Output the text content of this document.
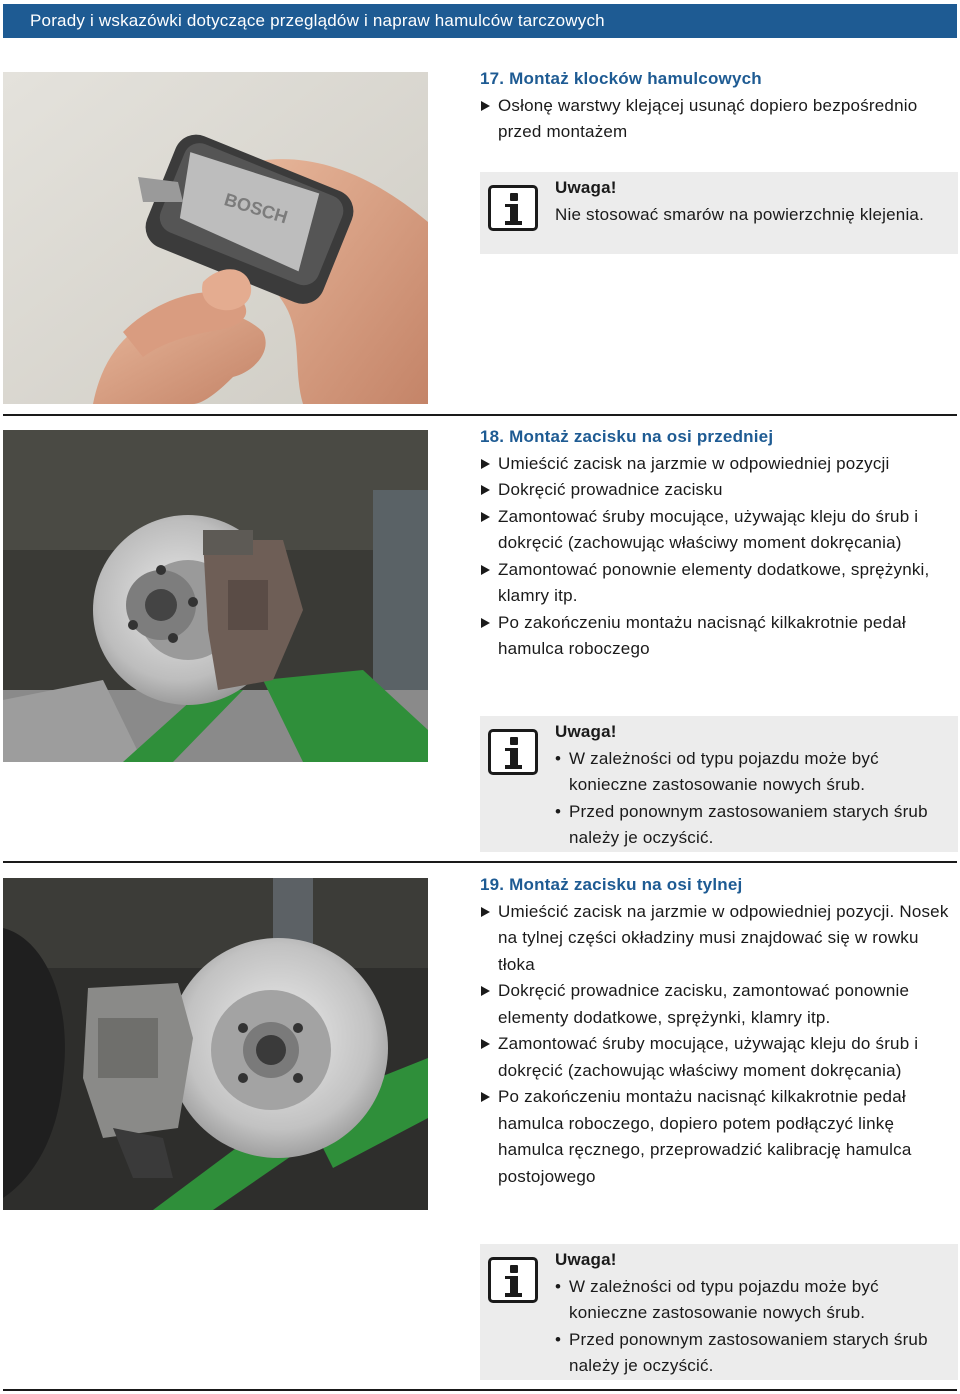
Porady i wskazówki dotyczące przeglądów i napraw hamulców tarczowych
BOSCH
17. Montaż klocków hamulcowych
Osłonę warstwy klejącej usunąć dopiero bezpośrednio przed montażem
Uwaga!
Nie stosować smarów na powierzchnię klejenia.
18. Montaż zacisku na osi przedniej
Umieścić zacisk na jarzmie w odpowiedniej pozycji
Dokręcić prowadnice zacisku
Zamontować śruby mocujące, używając kleju do śrub i dokręcić (zachowując właściwy moment dokręcania)
Zamontować ponownie elementy dodatkowe, sprężynki, klamry itp.
Po zakończeniu montażu nacisnąć kilkakrotnie pedał hamulca roboczego
Uwaga!
• W zależności od typu pojazdu może być konieczne zastosowanie nowych śrub.
• Przed ponownym zastosowaniem starych śrub należy je oczyścić.
19. Montaż zacisku na osi tylnej
Umieścić zacisk na jarzmie w odpowiedniej pozycji. Nosek na tylnej części okładziny musi znajdować się w rowku tłoka
Dokręcić prowadnice zacisku, zamontować ponownie elementy dodatkowe, sprężynki, klamry itp.
Zamontować śruby mocujące, używając kleju do śrub i dokręcić (zachowując właściwy moment dokręcania)
Po zakończeniu montażu nacisnąć kilkakrotnie pedał hamulca roboczego, dopiero potem podłączyć linkę hamulca ręcznego, przeprowadzić kalibrację hamulca postojowego
Uwaga!
• W zależności od typu pojazdu może być konieczne zastosowanie nowych śrub.
• Przed ponownym zastosowaniem starych śrub należy je oczyścić.
